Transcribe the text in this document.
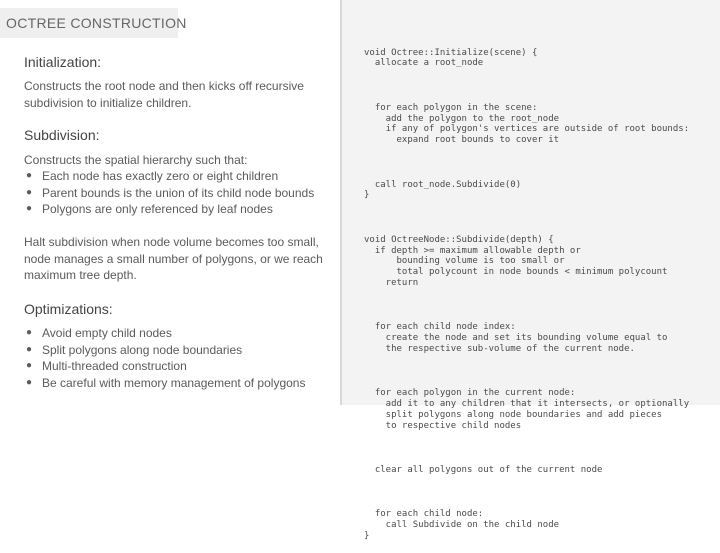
OCTREE CONSTRUCTION
Initialization:

Constructs the root node and then kicks off recursive subdivision to initialize children.

Subdivision:

Constructs the spatial hierarchy such that:

● Each node has exactly zero or eight children
● Parent bounds is the union of its child node bounds
● Polygons are only referenced by leaf nodes

Halt subdivision when node volume becomes too small, node manages a small number of polygons, or we reach maximum tree depth.

Optimizations:
● Avoid empty child nodes
● Split polygons along node boundaries
● Multi-threaded construction
● Be careful with memory management of polygons

void Octree::Initialize(scene) {
allocate a root_node

for each polygon in the scene:
add the polygon to the root_node
if any of polygon's vertices are outside of root bounds:
expand root bounds to cover it

call root_node.Subdivide(0)
}

void OctreeNode::Subdivide(depth) {
if depth >= maximum allowable depth or
bounding volume is too small or
total polycount in node bounds < minimum polycount
return

for each child node index:
create the node and set its bounding volume equal to
the respective sub-volume of the current node.

for each polygon in the current node:
add it to any children that it intersects, or optionally
split polygons along node boundaries and add pieces
to respective child nodes

clear all polygons out of the current node

for each child node:
call Subdivide on the child node
}
